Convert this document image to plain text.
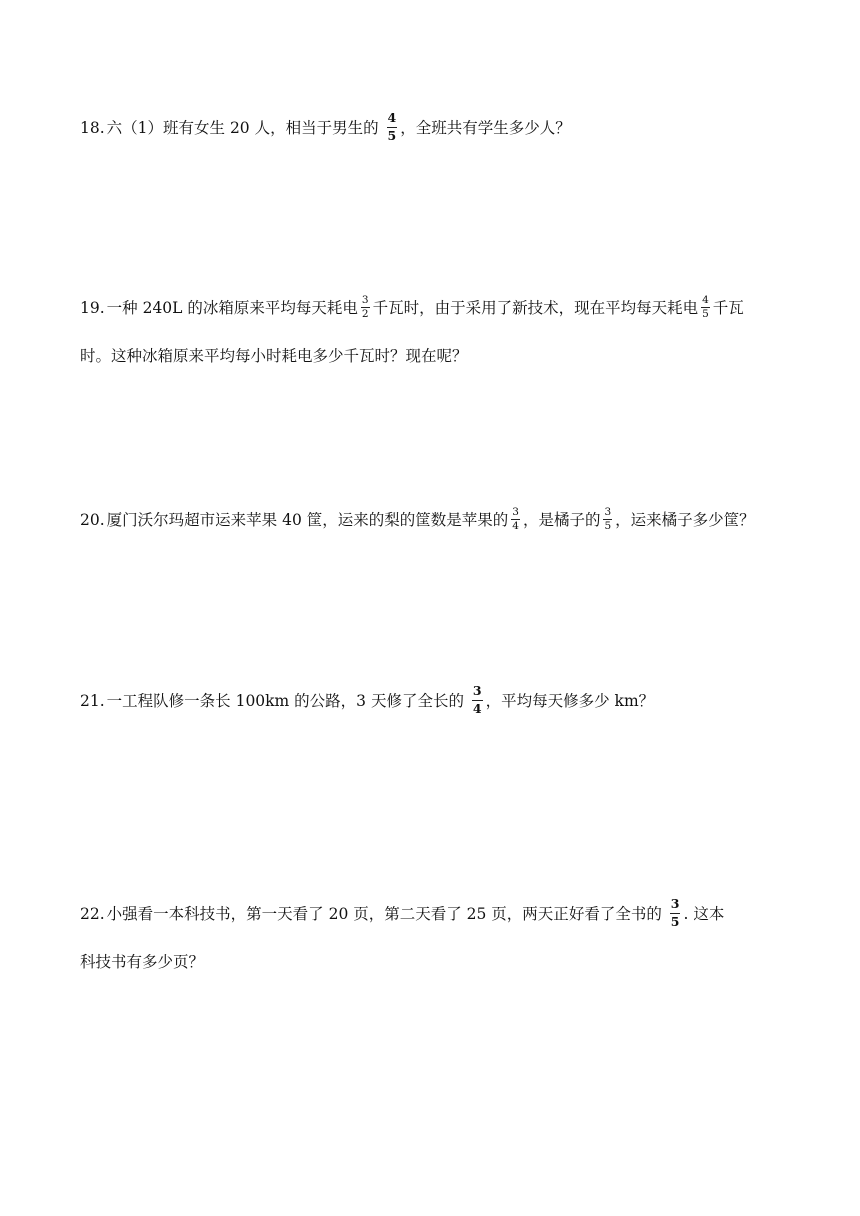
18. 六（1）班有女生 20 人，相当于男生的 $\frac{4}{5}$ ，全班共有学生多少人？
19. 一种 240L 的冰箱原来平均每天耗电 $\frac{3}{2}$ 千瓦时，由于采用了新技术，现在平均每天耗电 $\frac{4}{5}$ 千瓦
时。这种冰箱原来平均每小时耗电多少千瓦时？现在呢？
20. 厦门沃尔玛超市运来苹果 40 筐，运来的梨的筐数是苹果的 $\frac{3}{4}$ ，是橘子的 $\frac{3}{5}$ ，运来橘子多少筐？
21. 一工程队修一条长 100km 的公路，3 天修了全长的 $\frac{3}{4}$ ，平均每天修多少 km？
22. 小强看一本科技书，第一天看了 20 页，第二天看了 25 页，两天正好看了全书的 $\frac{3}{5}$ . 这本
科技书有多少页？
